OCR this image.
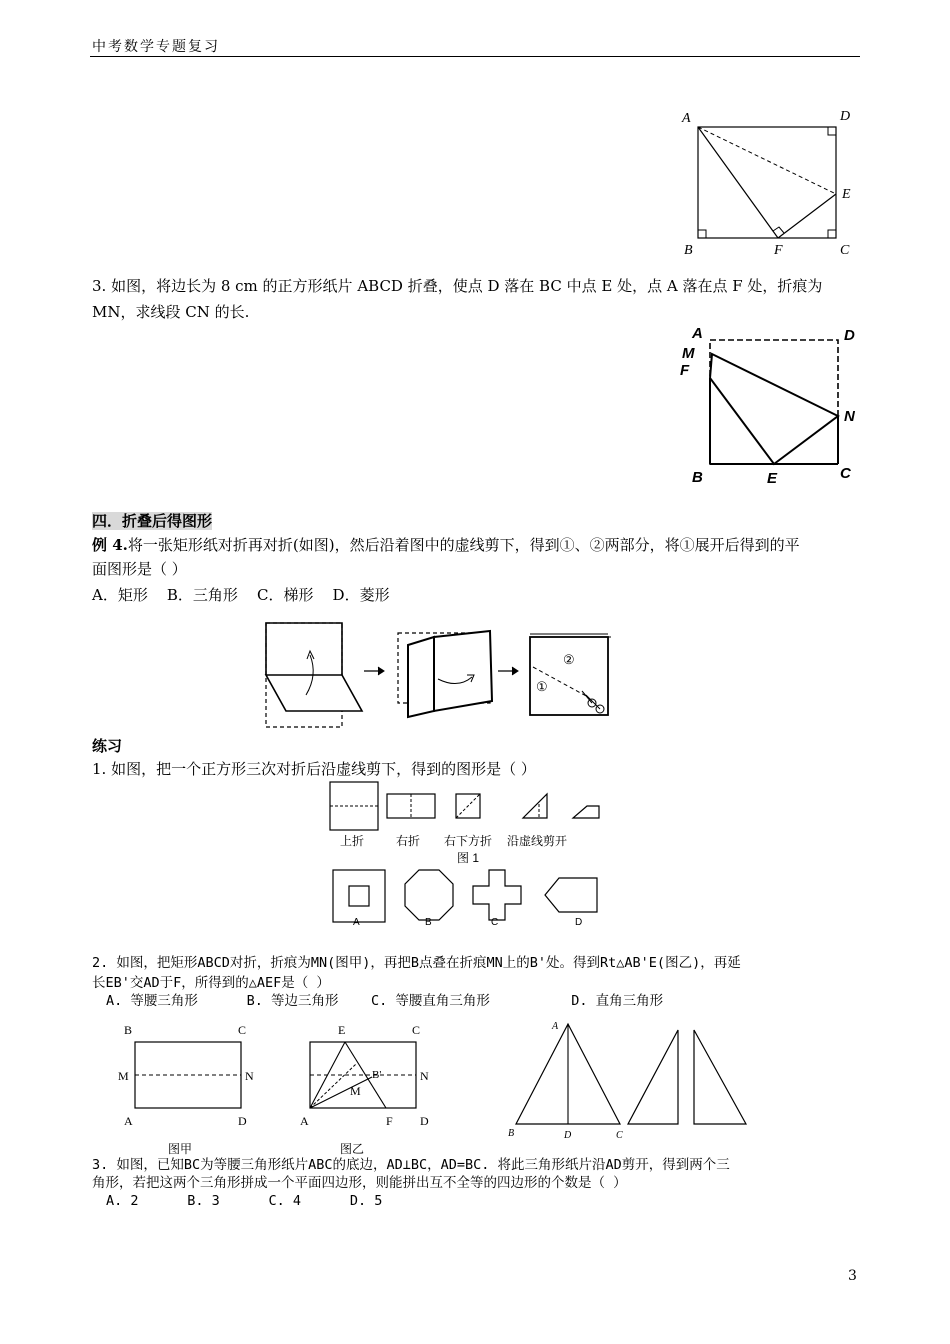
中考数学专题复习
A	D
E
B	F	C
3. 如图，将边长为 8 cm 的正方形纸片 ABCD 折叠，使点 D 落在 BC 中点 E 处，点 A 落在点 F 处，折痕为
MN，求线段 CN 的长.
A	D
M
F
N
B	E	C
四．折叠后得图形
例 4.将一张矩形纸对折再对折(如图)，然后沿着图中的虚线剪下，得到①、②两部分，将①展开后得到的平
面图形是（ ）
A．矩形    B．三角形    C．梯形    D．菱形
②
①
练习
1. 如图，把一个正方形三次对折后沿虚线剪下，得到的图形是（ ）
上折	右折 右下方折 沿虚线剪开
图 1
A	B	C	D
2. 如图，把矩形ABCD对折，折痕为MN(图甲)，再把B点叠在折痕MN上的B'处。得到Rt△AB'E(图乙)，再延
长EB'交AD于F，所得到的△AEF是（ ）
A. 等腰三角形      B. 等边三角形    C. 等腰直角三角形          D. 直角三角形
B	C
M	N
A	D
图甲
E	C
B'	N
M
A	F D
图乙
A
B	D	C
3. 如图，已知BC为等腰三角形纸片ABC的底边，AD⊥BC，AD=BC. 将此三角形纸片沿AD剪开，得到两个三
角形，若把这两个三角形拼成一个平面四边形，则能拼出互不全等的四边形的个数是（ ）
A. 2      B. 3      C. 4      D. 5
3
